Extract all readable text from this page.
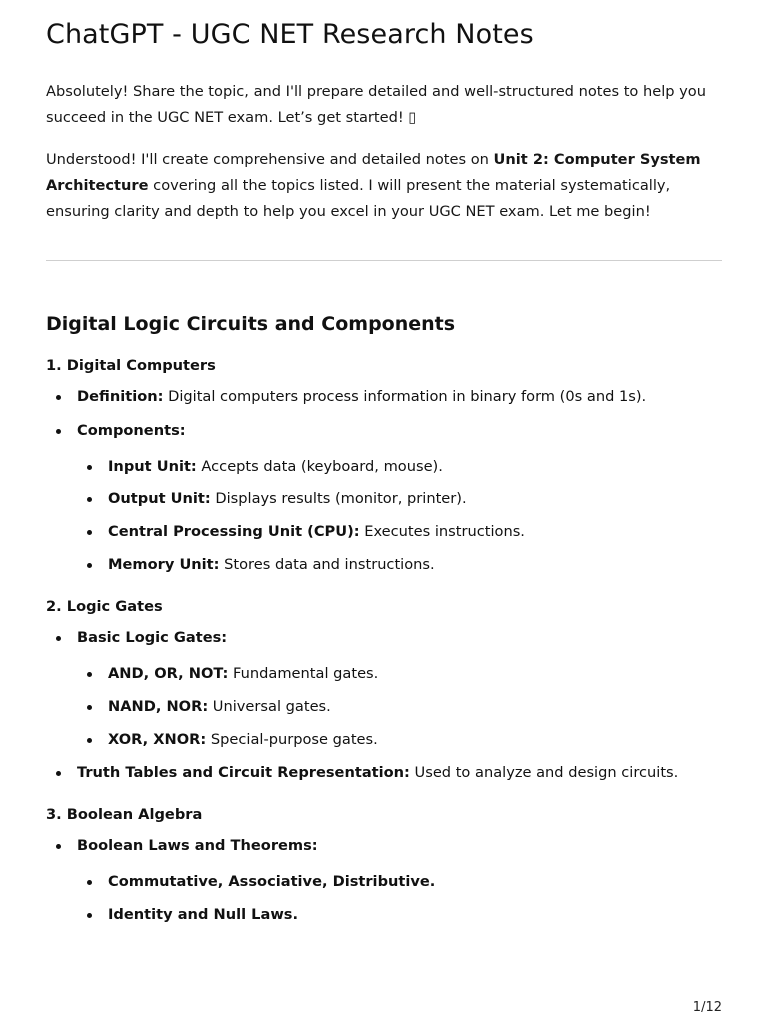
ChatGPT - UGC NET Research Notes

Absolutely! Share the topic, and I'll prepare detailed and well-structured notes to help you succeed in the UGC NET exam. Let’s get started! ▯

Understood! I'll create comprehensive and detailed notes on Unit 2: Computer System Architecture covering all the topics listed. I will present the material systematically, ensuring clarity and depth to help you excel in your UGC NET exam. Let me begin!

Digital Logic Circuits and Components
1. Digital Computers
Definition: Digital computers process information in binary form (0s and 1s).
Components:
Input Unit: Accepts data (keyboard, mouse).
Output Unit: Displays results (monitor, printer).
Central Processing Unit (CPU): Executes instructions.
Memory Unit: Stores data and instructions.
2. Logic Gates
Basic Logic Gates:
AND, OR, NOT: Fundamental gates.
NAND, NOR: Universal gates.
XOR, XNOR: Special-purpose gates.
Truth Tables and Circuit Representation: Used to analyze and design circuits.
3. Boolean Algebra
Boolean Laws and Theorems:
Commutative, Associative, Distributive.
Identity and Null Laws.
1/12
